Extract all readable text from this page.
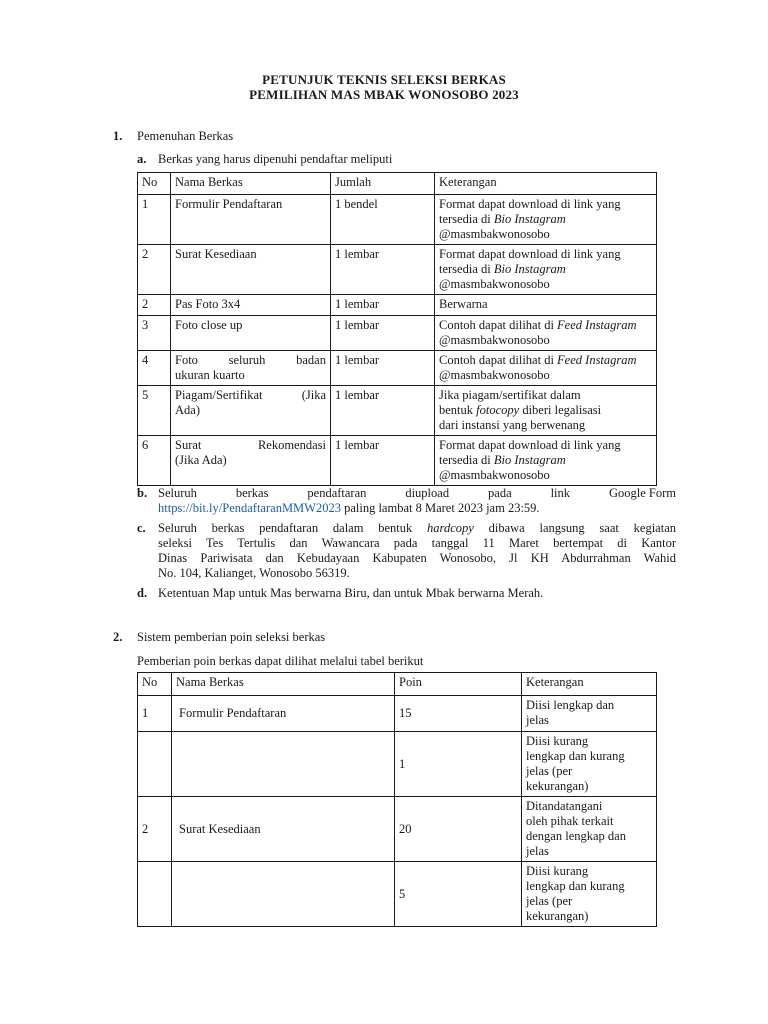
PETUNJUK TEKNIS SELEKSI BERKAS
PEMILIHAN MAS MBAK WONOSOBO 2023
1. Pemenuhan Berkas
a. Berkas yang harus dipenuhi pendaftar meliputi
No	Nama Berkas	Jumlah	Keterangan
1	Formulir Pendaftaran	1 bendel	Format dapat download di link yang tersedia di Bio Instagram
@masmbakwonosobo
2	Surat Kesediaan	1 lembar	Format dapat download di link yang tersedia di Bio Instagram
@masmbakwonosobo
2	Pas Foto 3x4	1 lembar	Berwarna
3	Foto close up	1 lembar	Contoh dapat dilihat di Feed Instagram @masmbakwonosobo
4	Foto seluruh badan
ukuran kuarto	1 lembar	Contoh dapat dilihat di Feed Instagram @masmbakwonosobo
5	Piagam/Sertifikat (Jika
Ada)	1 lembar	Jika piagam/sertifikat dalam
bentuk fotocopy diberi legalisasi
dari instansi yang berwenang
6	Surat Rekomendasi
(Jika Ada)	1 lembar	Format dapat download di link yang tersedia di Bio Instagram
@masmbakwonosobo
b. Seluruh	berkas	pendaftaran	diupload	pada	link	Google Form
https://bit.ly/PendaftaranMMW2023 paling lambat 8 Maret 2023 jam 23:59.
c. Seluruh berkas pendaftaran dalam bentuk hardcopy dibawa langsung saat kegiatan
seleksi Tes Tertulis dan Wawancara pada tanggal 11 Maret bertempat di Kantor
Dinas Pariwisata dan Kebudayaan Kabupaten Wonosobo, Jl KH Abdurrahman Wahid
No. 104, Kalianget, Wonosobo 56319.
d. Ketentuan Map untuk Mas berwarna Biru, dan untuk Mbak berwarna Merah.
2. Sistem pemberian poin seleksi berkas
Pemberian poin berkas dapat dilihat melalui tabel berikut
No	Nama Berkas	Poin	Keterangan
1	Formulir Pendaftaran	15	Diisi lengkap dan
jelas
		1	Diisi kurang
lengkap dan kurang
jelas (per
kekurangan)
2	Surat Kesediaan	20	Ditandatangani
oleh pihak terkait
dengan lengkap dan
jelas
		5	Diisi kurang
lengkap dan kurang
jelas (per
kekurangan)
